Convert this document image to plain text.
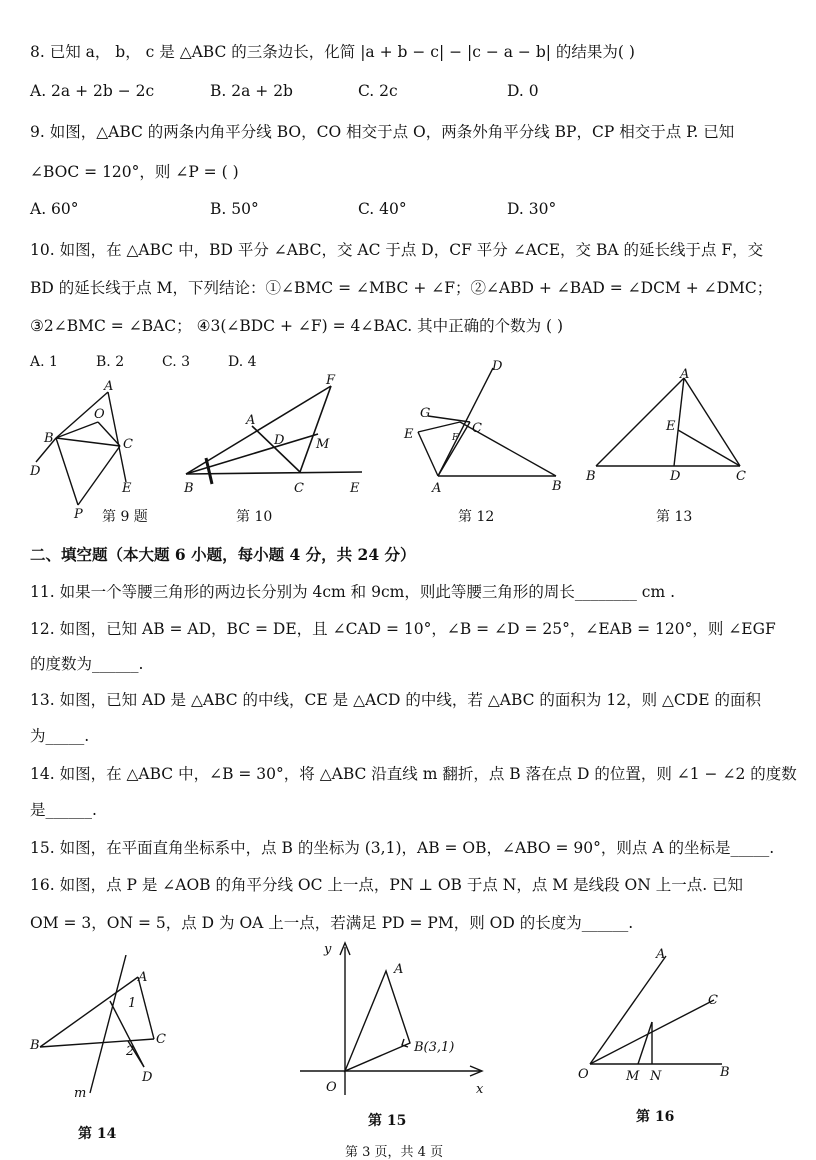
8. 已知 a， b， c 是 △ABC 的三条边长，化简 |a + b − c| − |c − a − b| 的结果为( )
A. 2a + 2b − 2c	B. 2a + 2b	C. 2c	D. 0
9. 如图，△ABC 的两条内角平分线 BO，CO 相交于点 O，两条外角平分线 BP，CP 相交于点 P. 已知
∠BOC = 120°，则 ∠P = ( )
A. 60°	B. 50°	C. 40°	D. 30°
10. 如图，在 △ABC 中，BD 平分 ∠ABC，交 AC 于点 D，CF 平分 ∠ACE，交 BA 的延长线于点 F，交
BD 的延长线于点 M，下列结论：①∠BMC = ∠MBC + ∠F；②∠ABD + ∠BAD = ∠DCM + ∠DMC；
③2∠BMC = ∠BAC； ④3(∠BDC + ∠F) = 4∠BAC. 其中正确的个数为 ( )
A. 1	B. 2	C. 3	D. 4
A
O
B	C
D
E
P 第 9 题
F
A
D M
B	C	E
第 10
D
G
C
E	F
A	B
第 12
A
E
B	D	C
第 13
二、填空题（本大题 6 小题，每小题 4 分，共 24 分）
11. 如果一个等腰三角形的两边长分别为 4cm 和 9cm，则此等腰三角形的周长________ cm .
12. 如图，已知 AB = AD，BC = DE，且 ∠CAD = 10°，∠B = ∠D = 25°，∠EAB = 120°，则 ∠EGF
的度数为______.
13. 如图，已知 AD 是 △ABC 的中线，CE 是 △ACD 的中线，若 △ABC 的面积为 12，则 △CDE 的面积
为_____.
14. 如图，在 △ABC 中，∠B = 30°，将 △ABC 沿直线 m 翻折，点 B 落在点 D 的位置，则 ∠1 − ∠2 的度数
是______.
15. 如图，在平面直角坐标系中，点 B 的坐标为 (3,1)，AB = OB，∠ABO = 90°，则点 A 的坐标是_____.
16. 如图，点 P 是 ∠AOB 的角平分线 OC 上一点，PN ⊥ OB 于点 N，点 M 是线段 ON 上一点. 已知
OM = 3，ON = 5，点 D 为 OA 上一点，若满足 PD = PM，则 OD 的长度为______.
A
1
C
B	2
D
m
第 14
y
A
B(3,1)
O	x
第 15
A
C
O	M N	B
第 16
第 3 页，共 4 页
